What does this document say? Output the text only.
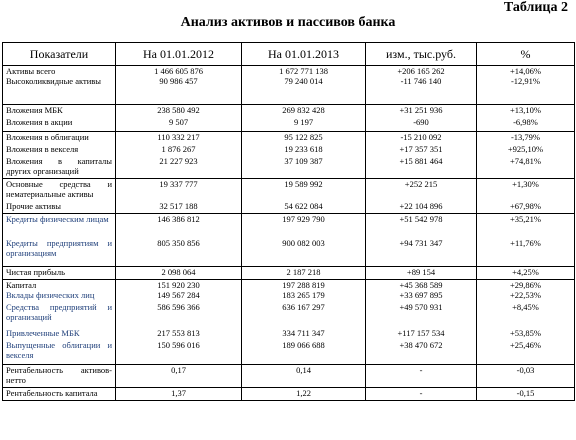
Таблица 2
Анализ активов и пассивов банка
Показатели	На 01.01.2012	На 01.01.2013	изм., тыс.руб.	%
Активы всего	1 466 605 876	1 672 771 138	+206 165 262	+14,06%
Высоколиквидные активы	90 986 457	79 240 014	-11 746 140	-12,91%
Вложения МБК	238 580 492	269 832 428	+31 251 936	+13,10%
Вложения в акции	9 507	9 197	-690	-6,98%
Вложения в облигации	110 332 217	95 122 825	-15 210 092	-13,79%
Вложения в векселя	1 876 267	19 233 618	+17 357 351	+925,10%
Вложения в капиталы других организаций	21 227 923	37 109 387	+15 881 464	+74,81%
Основные средства и нематериальные активы	19 337 777	19 589 992	+252 215	+1,30%
Прочие активы	32 517 188	54 622 084	+22 104 896	+67,98%
Кредиты физическим лицам	146 386 812	197 929 790	+51 542 978	+35,21%
Кредиты предприятиям и организациям	805 350 856	900 082 003	+94 731 347	+11,76%
Чистая прибыль	2 098 064	2 187 218	+89 154	+4,25%
Капитал	151 920 230	197 288 819	+45 368 589	+29,86%
Вклады физических лиц	149 567 284	183 265 179	+33 697 895	+22,53%
Средства предприятий и организаций	586 596 366	636 167 297	+49 570 931	+8,45%
Привлеченные МБК	217 553 813	334 711 347	+117 157 534	+53,85%
Выпущенные облигации и векселя	150 596 016	189 066 688	+38 470 672	+25,46%
Рентабельность активов-нетто	0,17	0,14	-	-0,03
Рентабельность капитала	1,37	1,22	-	-0,15
